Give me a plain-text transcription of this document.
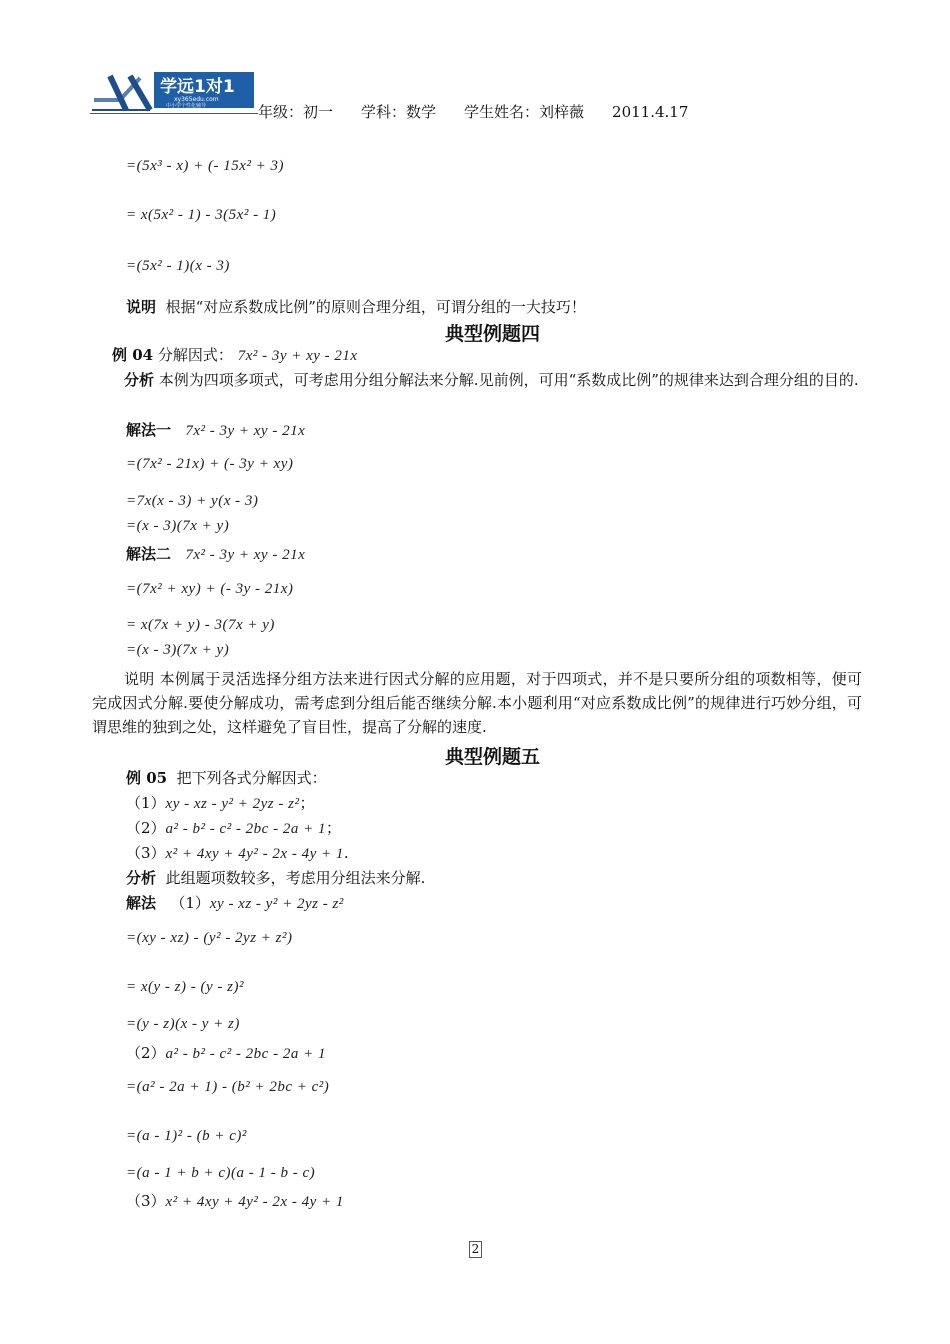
学远1对1
xy365edu.com
中小学个性化辅导	年级：初一 学科：数学 学生姓名：刘梓薇 2011.4.17
=(5x³ - x) + (- 15x² + 3)
= x(5x² - 1) - 3(5x² - 1)
=(5x² - 1)(x - 3)
说明 根据“对应系数成比例”的原则合理分组，可谓分组的一大技巧！
典型例题四
例 04 分解因式： 7x² - 3y + xy - 21x
分析 本例为四项多项式，可考虑用分组分解法来分解.见前例，可用“系数成比例”的规律来达到合理分组的目的.
解法一 7x² - 3y + xy - 21x
=(7x² - 21x) + (- 3y + xy)
=7x(x - 3) + y(x - 3)
=(x - 3)(7x + y)
解法二 7x² - 3y + xy - 21x
=(7x² + xy) + (- 3y - 21x)
= x(7x + y) - 3(7x + y)
=(x - 3)(7x + y)
说明 本例属于灵活选择分组方法来进行因式分解的应用题，对于四项式，并不是只要所分组的项数相等，便可完成因式分解.要使分解成功，需考虑到分组后能否继续分解.本小题利用“对应系数成比例”的规律进行巧妙分组，可谓思维的独到之处，这样避免了盲目性，提高了分解的速度.
典型例题五
例 05 把下列各式分解因式：
（1）xy - xz - y² + 2yz - z²；
（2）a² - b² - c² - 2bc - 2a + 1；
（3）x² + 4xy + 4y² - 2x - 4y + 1.
分析 此组题项数较多，考虑用分组法来分解.
解法 （1）xy - xz - y² + 2yz - z²
=(xy - xz) - (y² - 2yz + z²)
= x(y - z) - (y - z)²
=(y - z)(x - y + z)
（2）a² - b² - c² - 2bc - 2a + 1
=(a² - 2a + 1) - (b² + 2bc + c²)
=(a - 1)² - (b + c)²
=(a - 1 + b + c)(a - 1 - b - c)
（3）x² + 4xy + 4y² - 2x - 4y + 1
2
